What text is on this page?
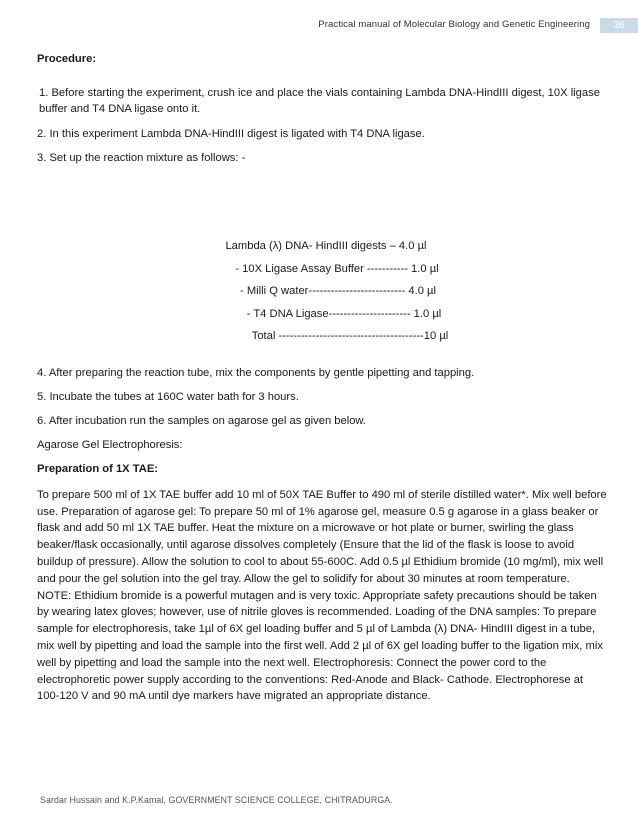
Practical manual of Molecular Biology and Genetic Engineering	36

Procedure:

1. Before starting the experiment, crush ice and place the vials containing Lambda DNA-HindIII digest, 10X ligase buffer and T4 DNA ligase onto it.

2. In this experiment Lambda DNA-HindIII digest is ligated with T4 DNA ligase.

3. Set up the reaction mixture as follows: -

Lambda (λ) DNA- HindIII digests – 4.0 µl
- 10X Ligase Assay Buffer ----------- 1.0 µl
- Milli Q water-------------------------- 4.0 µl
- T4 DNA Ligase---------------------- 1.0 µl
Total ---------------------------------------10 µl

4. After preparing the reaction tube, mix the components by gentle pipetting and tapping.

5. Incubate the tubes at 160C water bath for 3 hours.

6. After incubation run the samples on agarose gel as given below.

Agarose Gel Electrophoresis:

Preparation of 1X TAE:

To prepare 500 ml of 1X TAE buffer add 10 ml of 50X TAE Buffer to 490 ml of sterile distilled water*. Mix well before use. Preparation of agarose gel: To prepare 50 ml of 1% agarose gel, measure 0.5 g agarose in a glass beaker or flask and add 50 ml 1X TAE buffer. Heat the mixture on a microwave or hot plate or burner, swirling the glass beaker/flask occasionally, until agarose dissolves completely (Ensure that the lid of the flask is loose to avoid buildup of pressure). Allow the solution to cool to about 55-600C. Add 0.5 µl Ethidium bromide (10 mg/ml), mix well and pour the gel solution into the gel tray. Allow the gel to solidify for about 30 minutes at room temperature. NOTE: Ethidium bromide is a powerful mutagen and is very toxic. Appropriate safety precautions should be taken by wearing latex gloves; however, use of nitrile gloves is recommended. Loading of the DNA samples: To prepare sample for electrophoresis, take 1µl of 6X gel loading buffer and 5 µl of Lambda (λ) DNA- HindIII digest in a tube, mix well by pipetting and load the sample into the first well. Add 2 µl of 6X gel loading buffer to the ligation mix, mix well by pipetting and load the sample into the next well. Electrophoresis: Connect the power cord to the electrophoretic power supply according to the conventions: Red-Anode and Black- Cathode. Electrophorese at 100-120 V and 90 mA until dye markers have migrated an appropriate distance.

Sardar Hussain and K.P.Kamal, GOVERNMENT SCIENCE COLLEGE, CHITRADURGA.
